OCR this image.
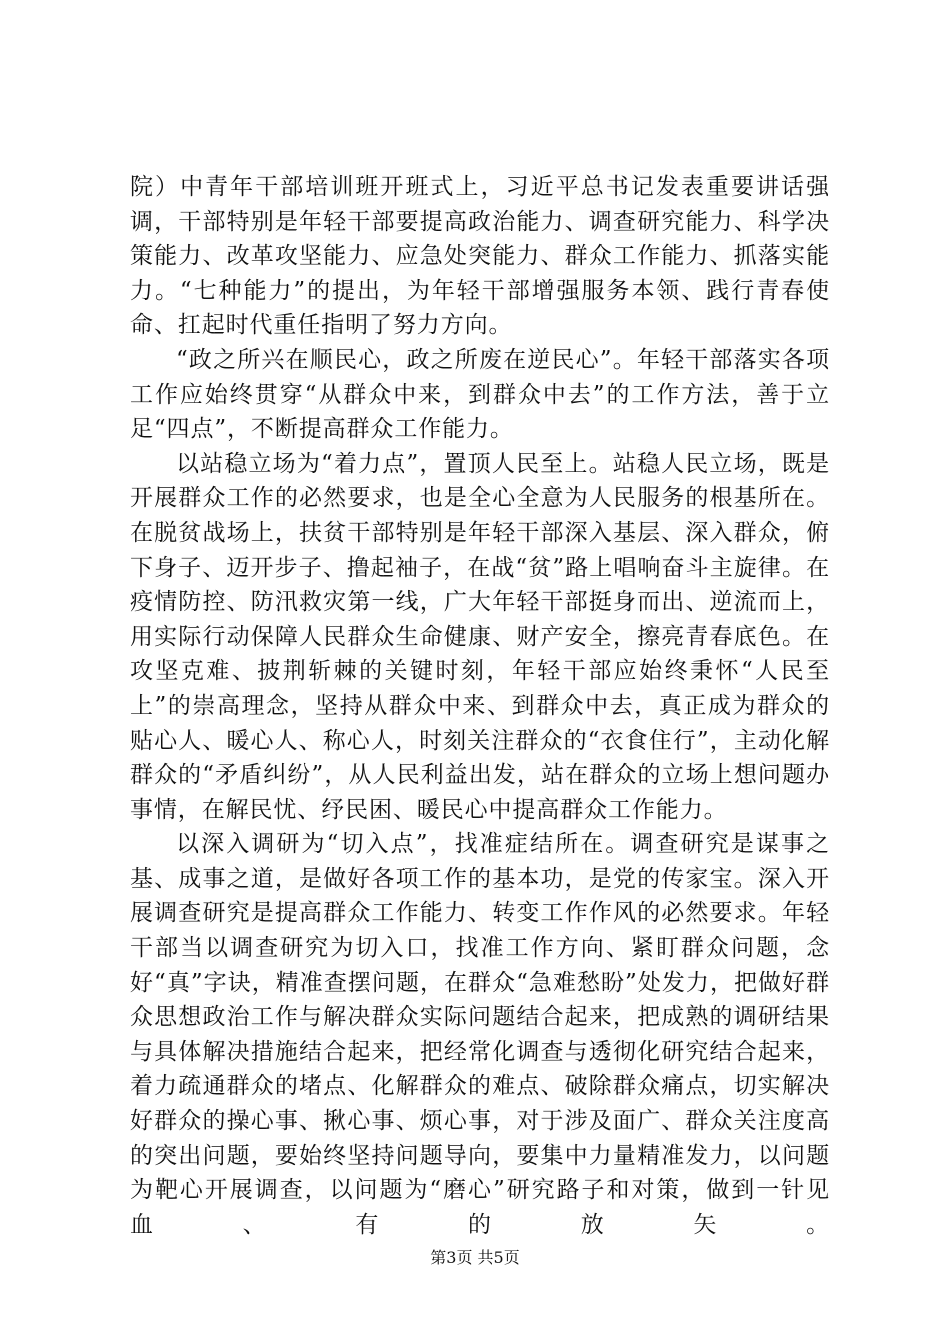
院）中青年干部培训班开班式上，习近平总书记发表重要讲话强调，干部特别是年轻干部要提高政治能力、调查研究能力、科学决策能力、改革攻坚能力、应急处突能力、群众工作能力、抓落实能力。“七种能力”的提出，为年轻干部增强服务本领、践行青春使命、扛起时代重任指明了努力方向。

“政之所兴在顺民心，政之所废在逆民心”。年轻干部落实各项工作应始终贯穿“从群众中来，到群众中去”的工作方法，善于立足“四点”，不断提高群众工作能力。

以站稳立场为“着力点”，置顶人民至上。站稳人民立场，既是开展群众工作的必然要求，也是全心全意为人民服务的根基所在。在脱贫战场上，扶贫干部特别是年轻干部深入基层、深入群众，俯下身子、迈开步子、撸起袖子，在战“贫”路上唱响奋斗主旋律。在疫情防控、防汛救灾第一线，广大年轻干部挺身而出、逆流而上，用实际行动保障人民群众生命健康、财产安全，擦亮青春底色。在攻坚克难、披荆斩棘的关键时刻，年轻干部应始终秉怀“人民至上”的崇高理念，坚持从群众中来、到群众中去，真正成为群众的贴心人、暖心人、称心人，时刻关注群众的“衣食住行”，主动化解群众的“矛盾纠纷”，从人民利益出发，站在群众的立场上想问题办事情，在解民忧、纾民困、暖民心中提高群众工作能力。

以深入调研为“切入点”，找准症结所在。调查研究是谋事之基、成事之道，是做好各项工作的基本功，是党的传家宝。深入开展调查研究是提高群众工作能力、转变工作作风的必然要求。年轻干部当以调查研究为切入口，找准工作方向、紧盯群众问题，念好“真”字诀，精准查摆问题，在群众“急难愁盼”处发力，把做好群众思想政治工作与解决群众实际问题结合起来，把成熟的调研结果与具体解决措施结合起来，把经常化调查与透彻化研究结合起来，着力疏通群众的堵点、化解群众的难点、破除群众痛点，切实解决好群众的操心事、揪心事、烦心事，对于涉及面广、群众关注度高的突出问题，要始终坚持问题导向，要集中力量精准发力，以问题为靶心开展调查，以问题为“磨心”研究路子和对策，做到一针见血、有的放矢。

第3页 共5页
